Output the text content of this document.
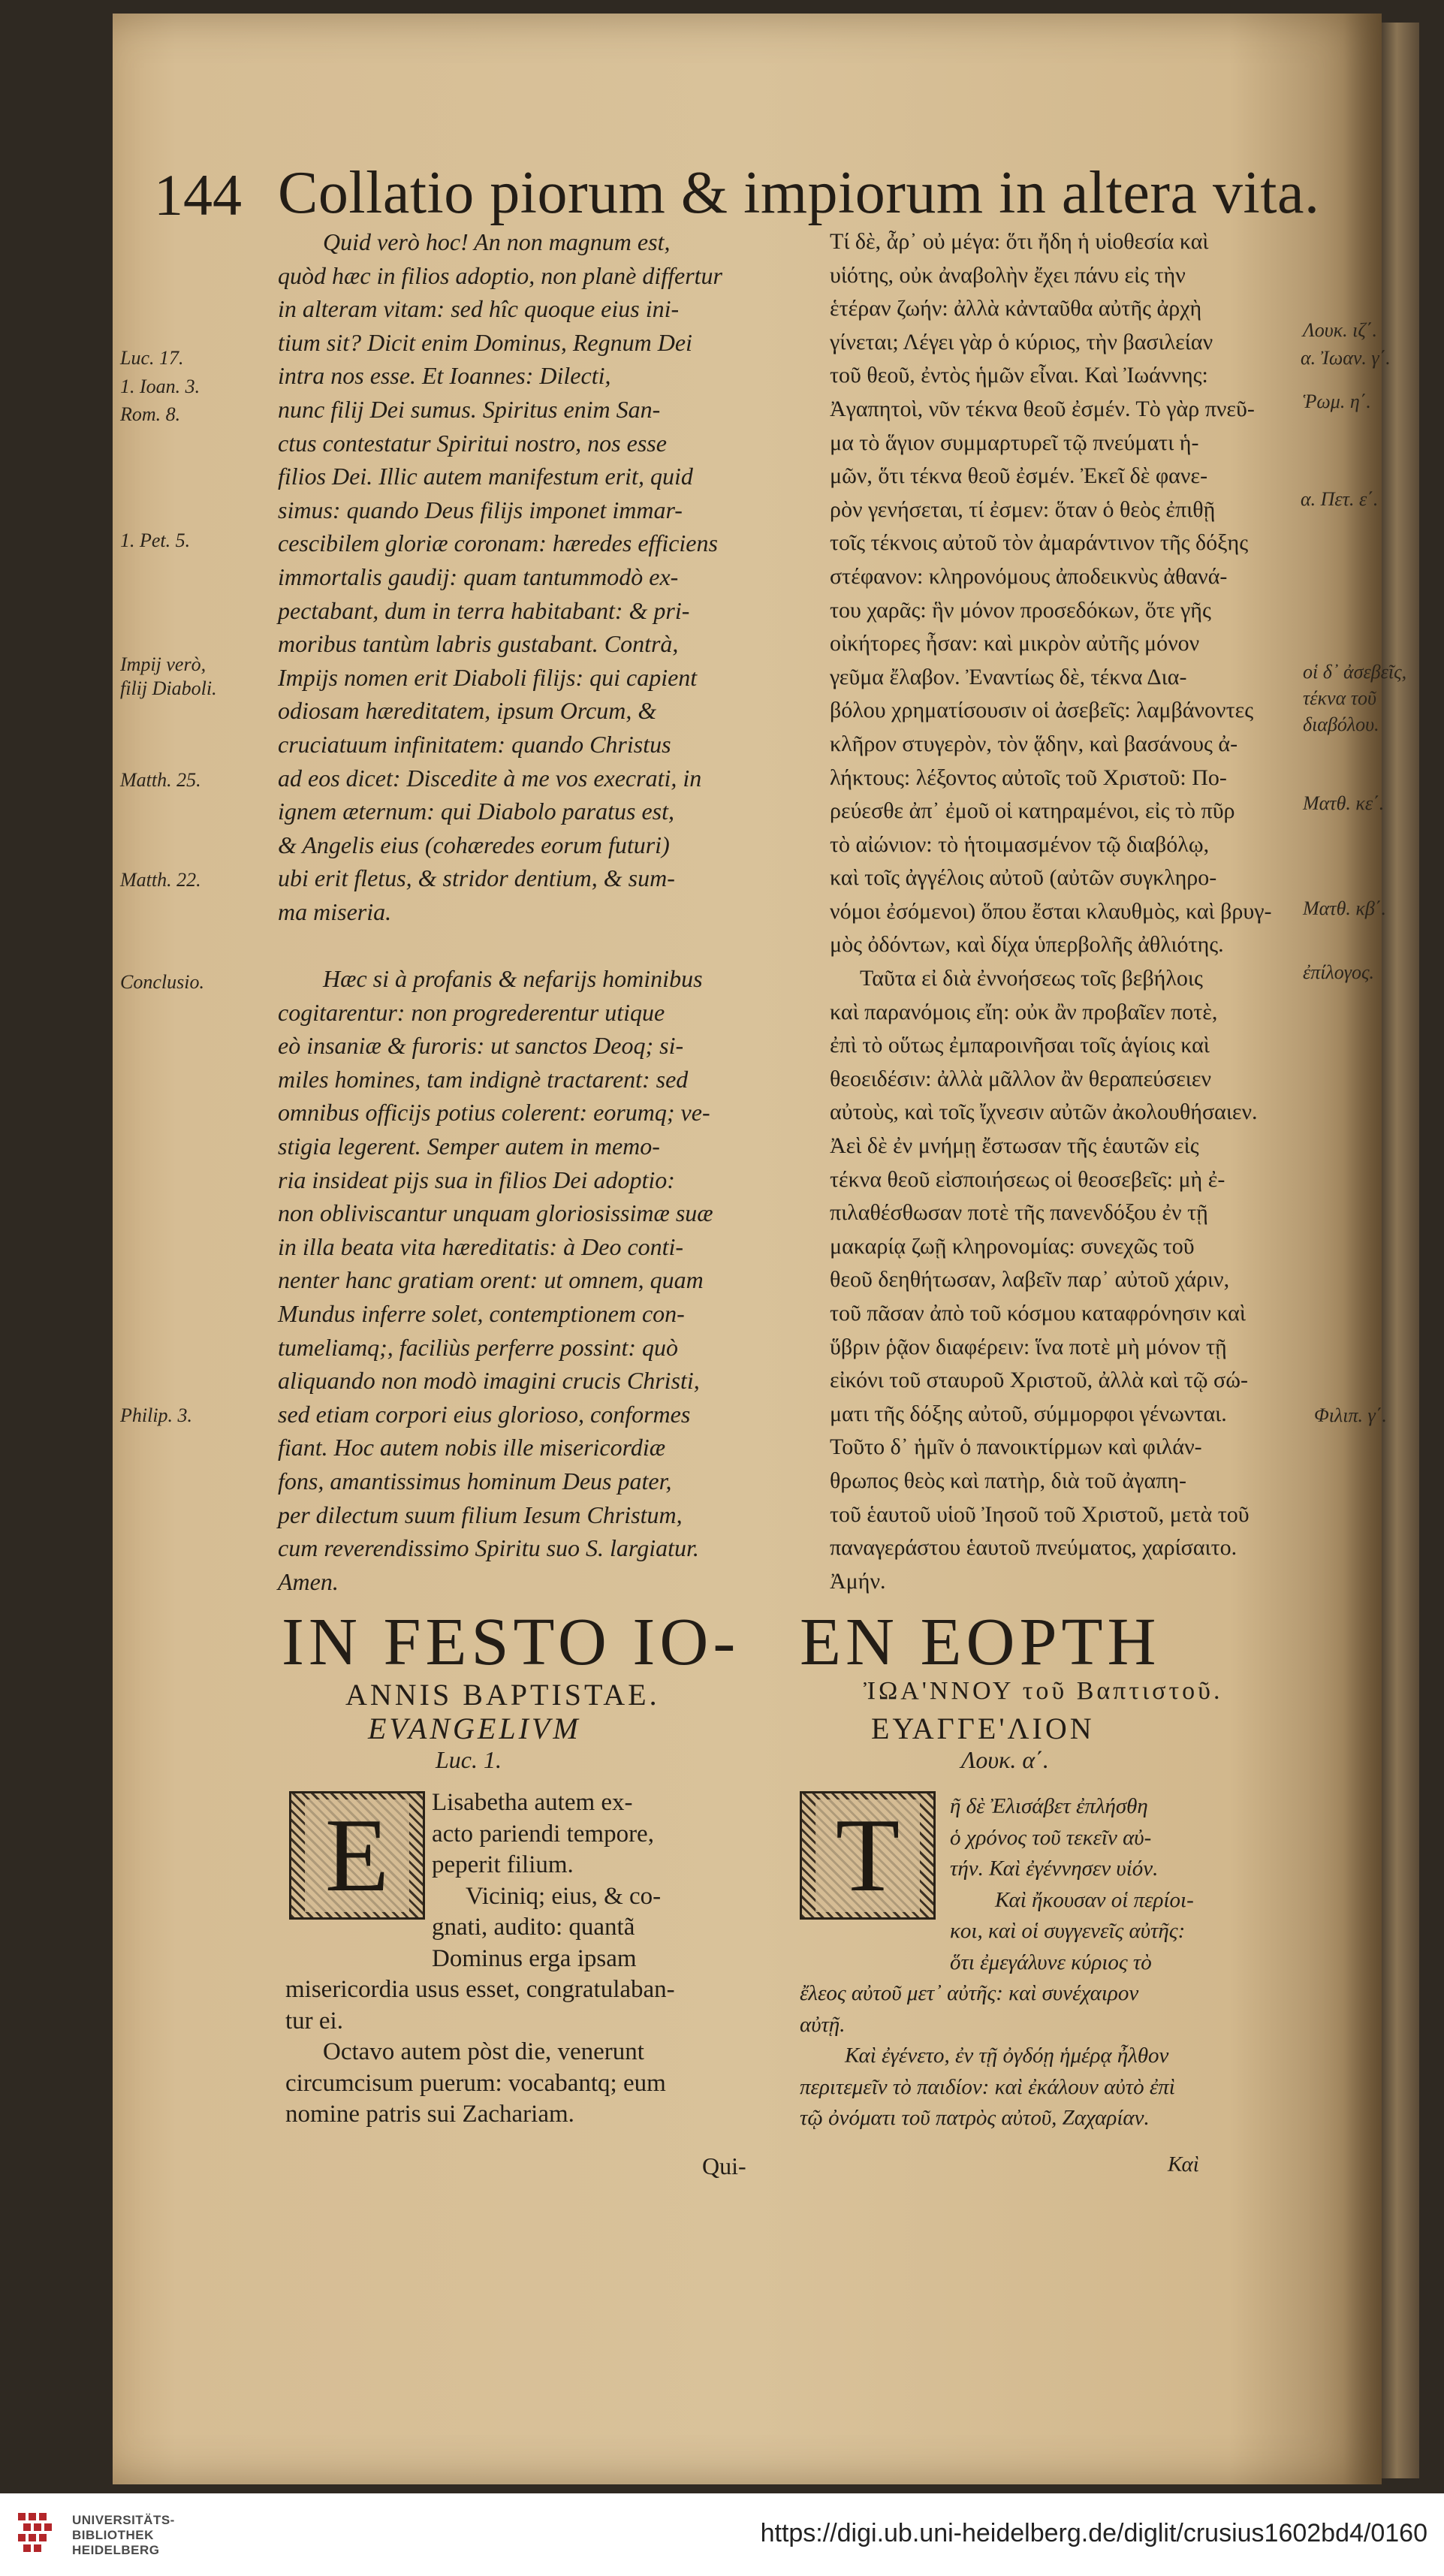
144 Collatio piorum & impiorum in altera vita.
Quid verò hoc! An non magnum est,
quòd hæc in filios adoptio, non planè differtur
in alteram vitam: sed hîc quoque eius ini-
tium sit? Dicit enim Dominus, Regnum Dei
intra nos esse. Et Ioannes: Dilecti,
nunc filij Dei sumus. Spiritus enim San-
ctus contestatur Spiritui nostro, nos esse
filios Dei. Illic autem manifestum erit, quid
simus: quando Deus filijs imponet immar-
cescibilem gloriæ coronam: hæredes efficiens
immortalis gaudij: quam tantummodò ex-
pectabant, dum in terra habitabant: & pri-
moribus tantùm labris gustabant. Contrà,
Impijs nomen erit Diaboli filijs: qui capient
odiosam hæreditatem, ipsum Orcum, &
cruciatuum infinitatem: quando Christus
ad eos dicet: Discedite à me vos execrati, in
ignem æternum: qui Diabolo paratus est,
& Angelis eius (cohæredes eorum futuri)
ubi erit fletus, & stridor dentium, & sum-
ma miseria.
Hæc si à profanis & nefarijs hominibus
cogitarentur: non progrederentur utique
eò insaniæ & furoris: ut sanctos Deoq; si-
miles homines, tam indignè tractarent: sed
omnibus officijs potius colerent: eorumq; ve-
stigia legerent. Semper autem in memo-
ria insideat pijs sua in filios Dei adoptio:
non obliviscantur unquam gloriosissimæ suæ
in illa beata vita hæreditatis: à Deo conti-
nenter hanc gratiam orent: ut omnem, quam
Mundus inferre solet, contemptionem con-
tumeliamq;, faciliùs perferre possint: quò
aliquando non modò imagini crucis Christi,
sed etiam corpori eius glorioso, conformes
fiant. Hoc autem nobis ille misericordiæ
fons, amantissimus hominum Deus pater,
per dilectum suum filium Iesum Christum,
cum reverendissimo Spiritu suo S. largiatur.
Amen.
Τί δὲ, ἆρ᾽ οὐ μέγα: ὅτι ἤδη ἡ υἱοθεσία καὶ
υἱότης, οὐκ ἀναβολὴν ἔχει πάνυ εἰς τὴν
ἑτέραν ζωήν: ἀλλὰ κἀνταῦθα αὐτῆς ἀρχὴ
γίνεται; Λέγει γὰρ ὁ κύριος, τὴν βασιλείαν
τοῦ θεοῦ, ἐντὸς ἡμῶν εἶναι. Καὶ Ἰωάννης:
Ἀγαπητοὶ, νῦν τέκνα θεοῦ ἐσμέν. Τὸ γὰρ πνεῦ-
μα τὸ ἅγιον συμμαρτυρεῖ τῷ πνεύματι ἡ-
μῶν, ὅτι τέκνα θεοῦ ἐσμέν. Ἐκεῖ δὲ φανε-
ρὸν γενήσεται, τί ἐσμεν: ὅταν ὁ θεὸς ἐπιθῇ
τοῖς τέκνοις αὐτοῦ τὸν ἀμαράντινον τῆς δόξης
στέφανον: κληρονόμους ἀποδεικνὺς ἀθανά-
του χαρᾶς: ἣν μόνον προσεδόκων, ὅτε γῆς
οἰκήτορες ἦσαν: καὶ μικρὸν αὐτῆς μόνον
γεῦμα ἔλαβον. Ἐναντίως δὲ, τέκνα Δια-
βόλου χρηματίσουσιν οἱ ἀσεβεῖς: λαμβάνοντες
κλῆρον στυγερὸν, τὸν ᾅδην, καὶ βασάνους ἀ-
λήκτους: λέξοντος αὐτοῖς τοῦ Χριστοῦ: Πο-
ρεύεσθε ἀπ᾽ ἐμοῦ οἱ κατηραμένοι, εἰς τὸ πῦρ
τὸ αἰώνιον: τὸ ἡτοιμασμένον τῷ διαβόλῳ,
καὶ τοῖς ἀγγέλοις αὐτοῦ (αὐτῶν συγκληρο-
νόμοι ἐσόμενοι) ὅπου ἔσται κλαυθμὸς, καὶ βρυγ-
μὸς ὀδόντων, καὶ δίχα ὑπερβολῆς ἀθλιότης.
Ταῦτα εἰ διὰ ἐννοήσεως τοῖς βεβήλοις
καὶ παρανόμοις εἴη: οὐκ ἂν προβαῖεν ποτὲ,
ἐπὶ τὸ οὕτως ἐμπαροινῆσαι τοῖς ἁγίοις καὶ
θεοειδέσιν: ἀλλὰ μᾶλλον ἂν θεραπεύσειεν
αὐτοὺς, καὶ τοῖς ἴχνεσιν αὐτῶν ἀκολουθήσαιεν.
Ἀεὶ δὲ ἐν μνήμῃ ἔστωσαν τῆς ἑαυτῶν εἰς
τέκνα θεοῦ εἰσποιήσεως οἱ θεοσεβεῖς: μὴ ἐ-
πιλαθέσθωσαν ποτὲ τῆς πανενδόξου ἐν τῇ
μακαρίᾳ ζωῇ κληρονομίας: συνεχῶς τοῦ
θεοῦ δεηθήτωσαν, λαβεῖν παρ᾽ αὐτοῦ χάριν,
τοῦ πᾶσαν ἀπὸ τοῦ κόσμου καταφρόνησιν καὶ
ὕβριν ῥᾷον διαφέρειν: ἵνα ποτὲ μὴ μόνον τῇ
εἰκόνι τοῦ σταυροῦ Χριστοῦ, ἀλλὰ καὶ τῷ σώ-
ματι τῆς δόξης αὐτοῦ, σύμμορφοι γένωνται.
Τοῦτο δ᾽ ἡμῖν ὁ πανοικτίρμων καὶ φιλάν-
θρωπος θεὸς καὶ πατὴρ, διὰ τοῦ ἀγαπη-
τοῦ ἑαυτοῦ υἱοῦ Ἰησοῦ τοῦ Χριστοῦ, μετὰ τοῦ
παναγεράστου ἑαυτοῦ πνεύματος, χαρίσαιτο.
Ἀμήν.
Luc. 17.
1. Ioan. 3.
Rom. 8.
1. Pet. 5.
Impij verò,
filij Diaboli.
Matth. 25.
Matth. 22.
Conclusio.
Philip. 3.
Λουκ. ιζ΄.
α. Ἰωαν. γ΄.
Ῥωμ. η΄.
α. Πετ. ε΄.
οἱ δ᾽ ἀσεβεῖς,
τέκνα τοῦ
διαβόλου.
Ματθ. κε΄.
Ματθ. κβ΄.
ἐπίλογος.
Φιλιπ. γ΄.
IN FESTO IO- ΕΝ ΕΟΡΤΗ
ANNIS BAPTISTAE.	ἸΩΑ'ΝΝΟΥ τοῦ Βαπτιστοῦ.
EVANGELIVM	ΕΥΑΓΓΕ'ΛΙΟΝ
Luc. 1.	Λουκ. α΄.
E	T
Lisabetha autem ex-
acto pariendi tempore,
peperit filium.
Viciniq; eius, & co-
gnati, audito: quantã
Dominus erga ipsam
misericordia usus esset, congratulaban-
tur ei.
Octavo autem pòst die, venerunt
circumcisum puerum: vocabantq; eum
nomine patris sui Zachariam.
ῆ δὲ Ἐλισάβετ ἐπλήσθη
ὁ χρόνος τοῦ τεκεῖν αὐ-
τήν. Καὶ ἐγέννησεν υἱόν.
Καὶ ἤκουσαν οἱ περίοι-
κοι, καὶ οἱ συγγενεῖς αὐτῆς:
ὅτι ἐμεγάλυνε κύριος τὸ
ἔλεος αὐτοῦ μετ᾽ αὐτῆς: καὶ συνέχαιρον
αὐτῇ.
Καὶ ἐγένετο, ἐν τῇ ὀγδόῃ ἡμέρᾳ ἦλθον
περιτεμεῖν τὸ παιδίον: καὶ ἐκάλουν αὐτὸ ἐπὶ
τῷ ὀνόματι τοῦ πατρὸς αὐτοῦ, Ζαχαρίαν.
Qui-	Καὶ
UNIVERSITÄTS-
BIBLIOTHEK
HEIDELBERG
https://digi.ub.uni-heidelberg.de/diglit/crusius1602bd4/0160
